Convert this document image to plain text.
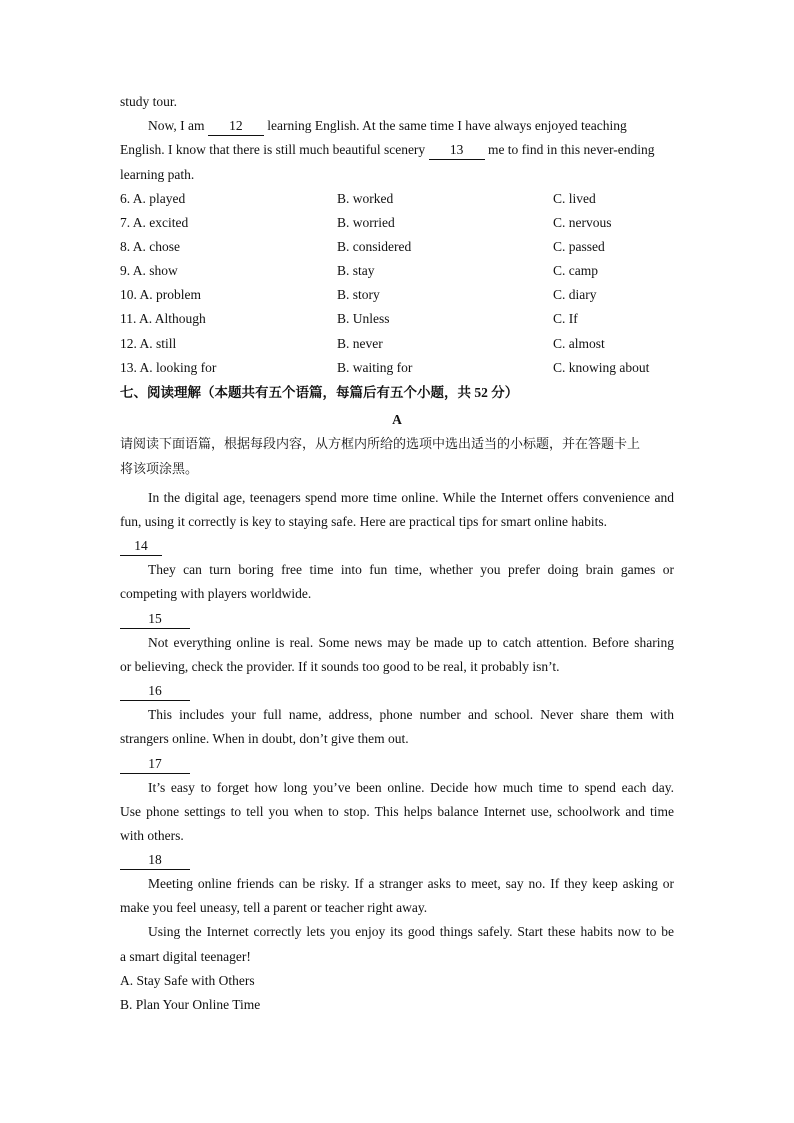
study tour.
Now, I am 12 learning English. At the same time I have always enjoyed teaching
English. I know that there is still much beautiful scenery 13 me to find in this never-ending
learning path.
6. A. played	B. worked	C. lived
7. A. excited	B. worried	C. nervous
8. A. chose	B. considered	C. passed
9. A. show	B. stay	C. camp
10. A. problem	B. story	C. diary
11. A. Although	B. Unless	C. If
12. A. still	B. never	C. almost
13. A. looking for	B. waiting for	C. knowing about
七、阅读理解（本题共有五个语篇，每篇后有五个小题，共 52 分）
A
请阅读下面语篇，根据每段内容，从方框内所给的选项中选出适当的小标题，并在答题卡上
将该项涂黑。
In the digital age, teenagers spend more time online. While the Internet offers convenience and
fun, using it correctly is key to staying safe. Here are practical tips for smart online habits.
14
They can turn boring free time into fun time, whether you prefer doing brain games or
competing with players worldwide.
15
Not everything online is real. Some news may be made up to catch attention. Before sharing
or believing, check the provider. If it sounds too good to be real, it probably isn’t.
16
This includes your full name, address, phone number and school. Never share them with
strangers online. When in doubt, don’t give them out.
17
It’s easy to forget how long you’ve been online. Decide how much time to spend each day.
Use phone settings to tell you when to stop. This helps balance Internet use, schoolwork and time
with others.
18
Meeting online friends can be risky. If a stranger asks to meet, say no. If they keep asking or
make you feel uneasy, tell a parent or teacher right away.
Using the Internet correctly lets you enjoy its good things safely. Start these habits now to be
a smart digital teenager!
A. Stay Safe with Others
B. Plan Your Online Time
